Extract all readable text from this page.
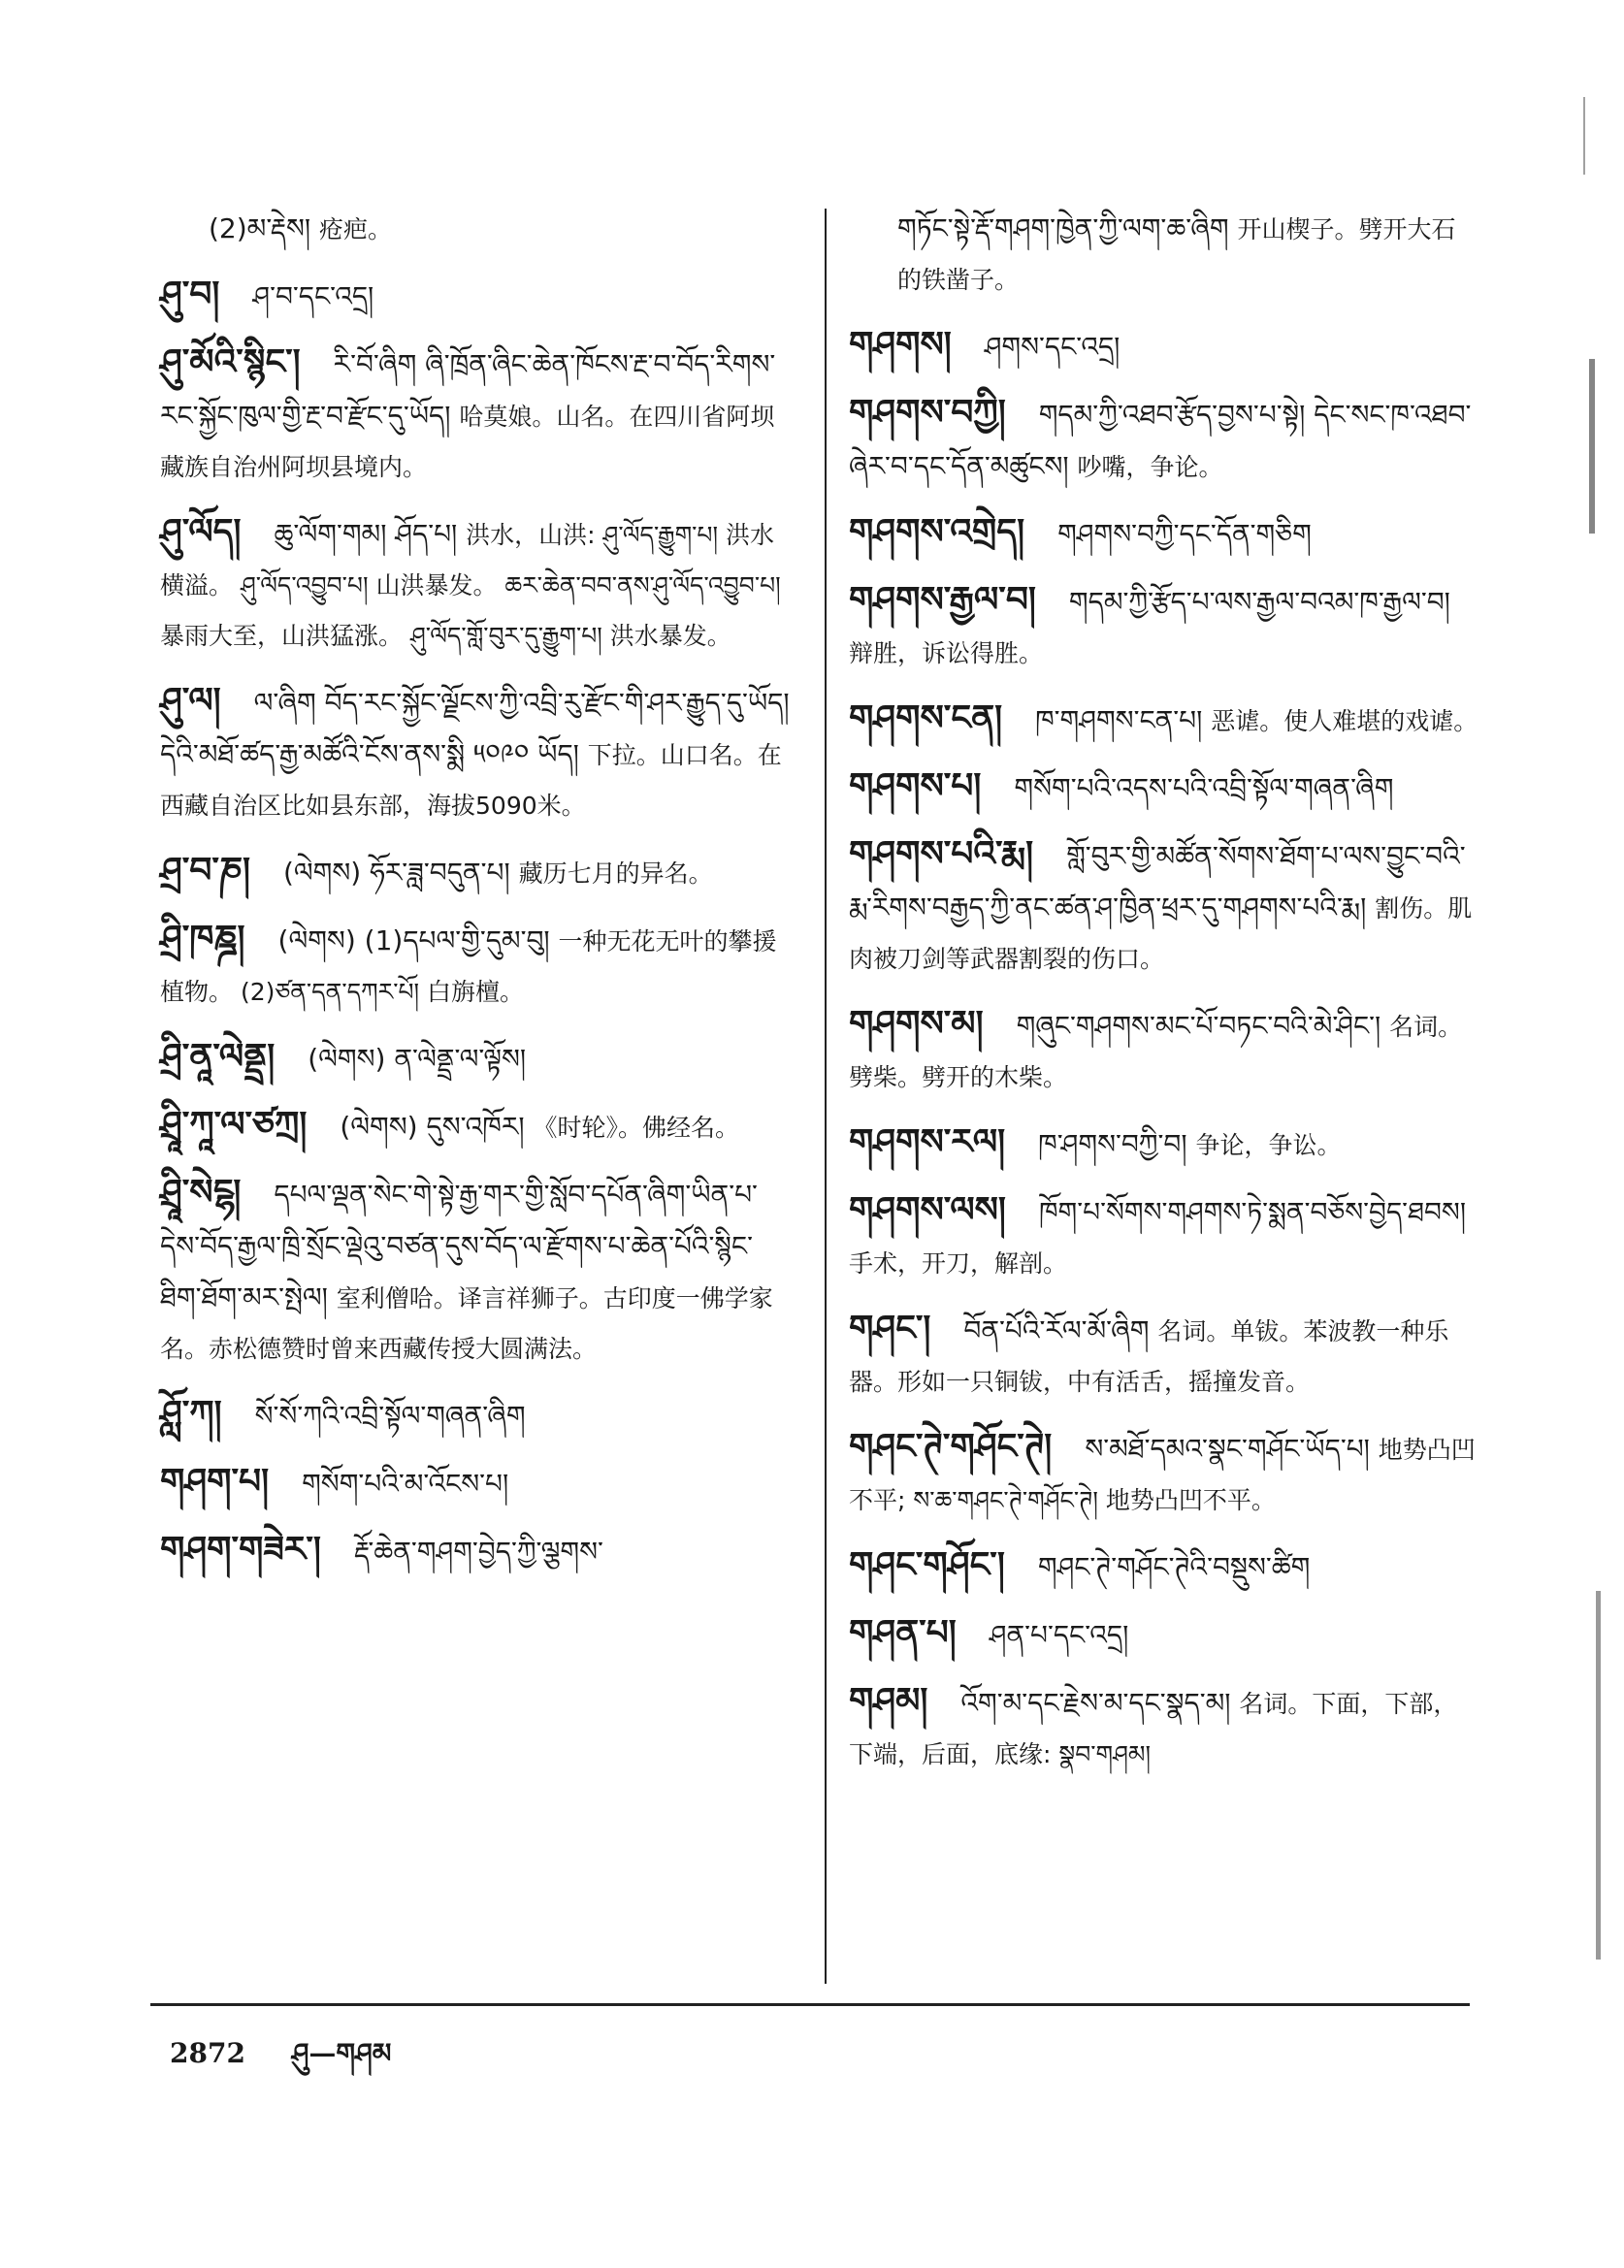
(2)མ་རྡེས། 疮疤。
ཤུ་བ། ཤ་བ་དང་འདྲ།
ཤུ་མོའི་སྙིང་། རི་བོ་ཞིག ཞི་ཁྲོན་ཞིང་ཆེན་ཁོངས་རྔ་བ་བོད་རིགས་རང་སྐྱོང་ཁུལ་གྱི་རྔ་བ་རྫོང་དུ་ཡོད། 哈莫娘。山名。在四川省阿坝藏族自治州阿坝县境内。
ཤུ་ལོད། ཆུ་ལོག་གམ། ཤོད་པ། 洪水，山洪: ཤུ་ལོད་རྒྱུག་པ། 洪水横溢。 ཤུ་ལོད་འབྱུབ་པ། 山洪暴发。 ཆར་ཆེན་བབ་ནས་ཤུ་ལོད་འབྱུབ་པ། 暴雨大至，山洪猛涨。 ཤུ་ལོད་གློ་བུར་དུ་རྒྱུག་པ། 洪水暴发。
ཤུ་ལ། ལ་ཞིག བོད་རང་སྐྱོང་ལྗོངས་ཀྱི་འབྲི་རུ་རྫོང་གི་ཤར་རྒྱུད་དུ་ཡོད། དེའི་མཐོ་ཚད་རྒྱ་མཚོའི་ངོས་ནས་སྨི ༥༠༩༠ ཡོད། 下拉。山口名。在西藏自治区比如县东部，海拔5090米。
ཤྲ་བ་ཎ། (ལེགས) ཧོར་ཟླ་བདུན་པ། 藏历七月的异名。
ཤྲི་ཁཎྜ། (ལེགས) (1)དཔལ་གྱི་དུམ་བུ། 一种无花无叶的攀援植物。 (2)ཙན་དན་དཀར་པོ། 白旃檀。
ཤྲི་ནཱ་ལེནྡྲ། (ལེགས) ན་ལེནྡྲ་ལ་ལྟོས།
ཤྲཱི་ཀཱ་ལ་ཙཀྲ། (ལེགས) དུས་འཁོར། 《时轮》。佛经名。
ཤྲཱི་སེངྷ། དཔལ་ལྡན་སེང་གེ་སྟེ་རྒྱ་གར་གྱི་སློབ་དཔོན་ཞིག་ཡིན་པ་དེས་བོད་རྒྱལ་ཁྲི་སྲོང་ལྡེའུ་བཙན་དུས་བོད་ལ་རྫོགས་པ་ཆེན་པོའི་སྙིང་ཐིག་ཐོག་མར་སྤེལ། 室利僧哈。译言祥狮子。古印度一佛学家名。赤松德赞时曾来西藏传授大圆满法。
ཤློ་ཀ། སོ་སོ་ཀའི་འབྲི་སྟོལ་གཞན་ཞིག
གཤག་པ། གསོག་པའི་མ་འོངས་པ།
གཤག་གཟེར་། རྡོ་ཆེན་གཤག་བྱེད་ཀྱི་ལྕགས་
གཏོང་སྟེ་རྡོ་གཤག་ཁྱེན་ཀྱི་ལག་ཆ་ཞིག 开山楔子。劈开大石的铁凿子。
གཤགས། ཤགས་དང་འདྲ།
གཤགས་བཀྱི། གདམ་ཀྱི་འཐབ་རྩོད་བྱས་པ་སྟེ། དེང་སང་ཁ་འཐབ་ཞེར་བ་དང་དོན་མཚུངས། 吵嘴，争论。
གཤགས་འགྲེད། གཤགས་བཀྱི་དང་དོན་གཅིག
གཤགས་རྒྱལ་བ། གདམ་ཀྱི་རྩོད་པ་ལས་རྒྱལ་བའམ་ཁ་རྒྱལ་བ། 辩胜，诉讼得胜。
གཤགས་ངན། ཁ་གཤགས་ངན་པ། 恶谑。使人难堪的戏谑。
གཤགས་པ། གསོག་པའི་འདས་པའི་འབྲི་སྟོལ་གཞན་ཞིག
གཤགས་པའི་རྨ། གློ་བུར་གྱི་མཚོན་སོགས་ཐོག་པ་ལས་བྱུང་བའི་རྨ་རིགས་བརྒྱད་ཀྱི་ནང་ཚན་ཤ་ཁྱིན་ཕྲར་དུ་གཤགས་པའི་རྨ། 割伤。肌肉被刀剑等武器割裂的伤口。
གཤགས་མ། གཞུང་གཤགས་མང་པོ་བཏང་བའི་མེ་ཤིང་། 名词。劈柴。劈开的木柴。
གཤགས་རལ། ཁ་ཤགས་བཀྱི་བ། 争论，争讼。
གཤགས་ལས། ཁོག་པ་སོགས་གཤགས་ཏེ་སྨན་བཅོས་བྱེད་ཐབས། 手术，开刀，解剖。
གཤང་། བོན་པོའི་རོལ་མོ་ཞིག 名词。单钹。苯波教一种乐器。形如一只铜钹，中有活舌，摇撞发音。
གཤང་ཊེ་གཤོང་ཊེ། ས་མཐོ་དམའ་སྣང་གཤོང་ཡོད་པ། 地势凸凹不平; ས་ཆ་གཤང་ཊེ་གཤོང་ཊེ། 地势凸凹不平。
གཤང་གཤོང་། གཤང་ཊེ་གཤོང་ཊེའི་བསྡུས་ཚིག
གཤན་པ། ཤན་པ་དང་འདྲ།
གཤམ། འོག་མ་དང་རྗེས་མ་དང་སྣད་མ། 名词。下面，下部，下端，后面，底缘: སྣབ་གཤམ།
2872 ཤུ—གཤམ
